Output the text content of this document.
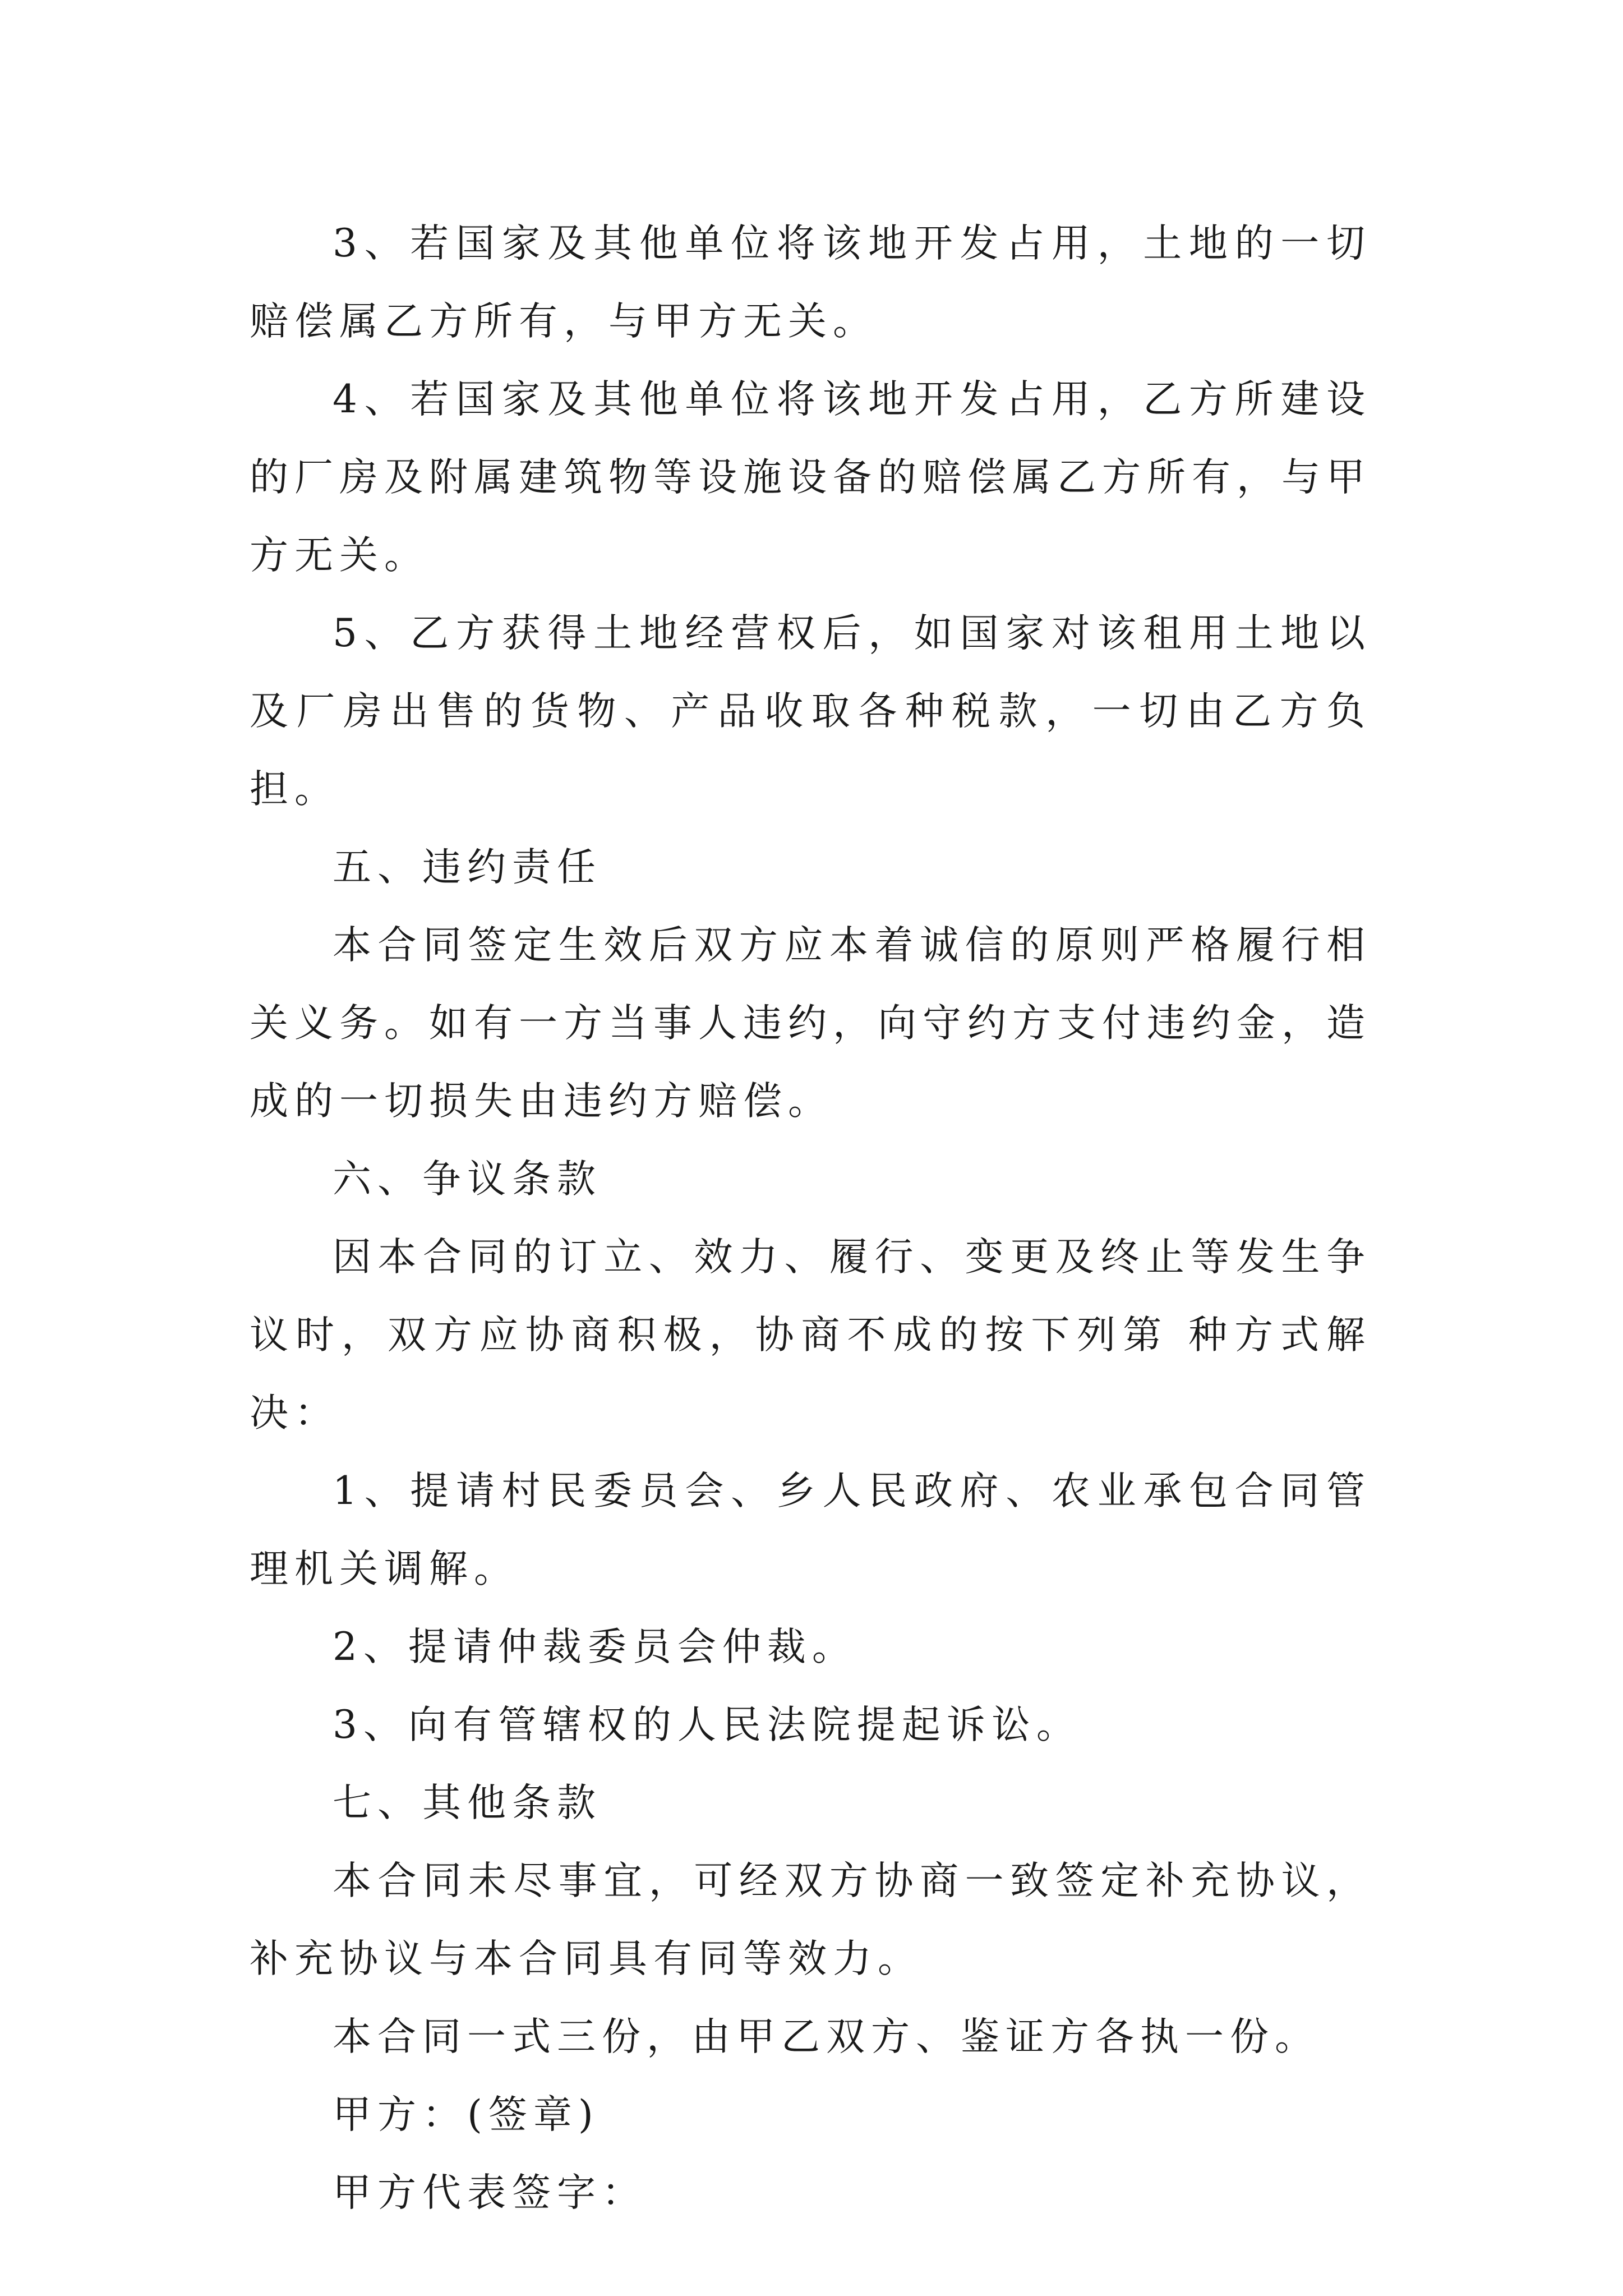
3、若国家及其他单位将该地开发占用，土地的一切赔偿属乙方所有，与甲方无关。

4、若国家及其他单位将该地开发占用，乙方所建设的厂房及附属建筑物等设施设备的赔偿属乙方所有，与甲方无关。

5、乙方获得土地经营权后，如国家对该租用土地以及厂房出售的货物、产品收取各种税款，一切由乙方负担。

五、违约责任

本合同签定生效后双方应本着诚信的原则严格履行相关义务。如有一方当事人违约，向守约方支付违约金，造成的一切损失由违约方赔偿。

六、争议条款

因本合同的订立、效力、履行、变更及终止等发生争议时，双方应协商积极，协商不成的按下列第 种方式解决：

1、提请村民委员会、乡人民政府、农业承包合同管理机关调解。

2、提请仲裁委员会仲裁。

3、向有管辖权的人民法院提起诉讼。

七、其他条款

本合同未尽事宜，可经双方协商一致签定补充协议，补充协议与本合同具有同等效力。

本合同一式三份，由甲乙双方、鉴证方各执一份。

甲方：(签章)

甲方代表签字：
